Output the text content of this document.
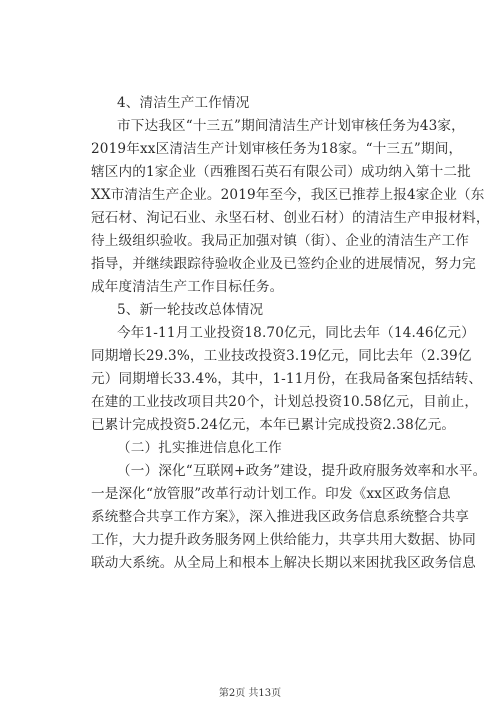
4、清洁生产工作情况
市下达我区“十三五”期间清洁生产计划审核任务为43家，
2019年xx区清洁生产计划审核任务为18家。“十三五”期间，
辖区内的1家企业（西雅图石英石有限公司）成功纳入第十二批
XX市清洁生产企业。2019年至今，我区已推荐上报4家企业（东
冠石材、洵记石业、永坚石材、创业石材）的清洁生产申报材料，
待上级组织验收。我局正加强对镇（街）、企业的清洁生产工作
指导，并继续跟踪待验收企业及已签约企业的进展情况，努力完
成年度清洁生产工作目标任务。
5、新一轮技改总体情况
今年1-11月工业投资18.70亿元，同比去年（14.46亿元）
同期增长29.3%，工业技改投资3.19亿元，同比去年（2.39亿
元）同期增长33.4%，其中，1-11月份，在我局备案包括结转、
在建的工业技改项目共20个，计划总投资10.58亿元，目前止，
已累计完成投资5.24亿元，本年已累计完成投资2.38亿元。
（二）扎实推进信息化工作
（一）深化“互联网+政务”建设，提升政府服务效率和水平。
一是深化“放管服”改革行动计划工作。印发《xx区政务信息
系统整合共享工作方案》，深入推进我区政务信息系统整合共享
工作，大力提升政务服务网上供给能力，共享共用大数据、协同
联动大系统。从全局上和根本上解决长期以来困扰我区政务信息
第2页 共13页
